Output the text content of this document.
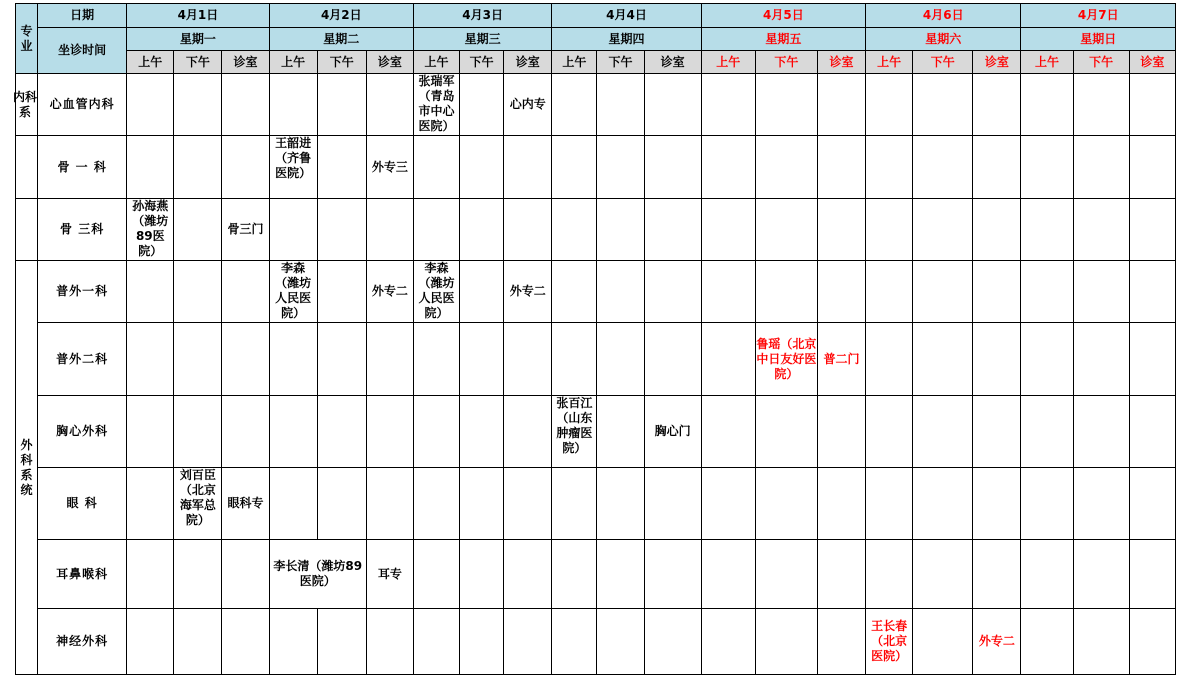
专业	日期	4月1日			4月2日			4月3日			4月4日			4月5日			4月6日			4月7日		
	坐诊时间	星期一			星期二			星期三			星期四			星期五			星期六			星期日		
		上午	下午	诊室	上午	下午	诊室	上午	下午	诊室	上午	下午	诊室	上午	下午	诊室	上午	下午	诊室	上午	下午	诊室
内科系	心血管内科							张瑞军（青岛市中心医院）		心内专												
	骨 一 科				王韶进（齐鲁医院）		外专三															
	骨 三科	孙海燕（潍坊89医院）		骨三门																		
外科系统	普外一科				李森（潍坊人民医院）		外专二	李森（潍坊人民医院）		外专二												
	普外二科														鲁瑶（北京中日友好医院）	普二门						
	胸心外科										张百江（山东肿瘤医院）		胸心门									
	眼 科		刘百臣（北京海军总院）	眼科专																		
	耳鼻喉科				李长清（潍坊89医院）		耳专															
	神经外科																王长春（北京医院）		外专二			
